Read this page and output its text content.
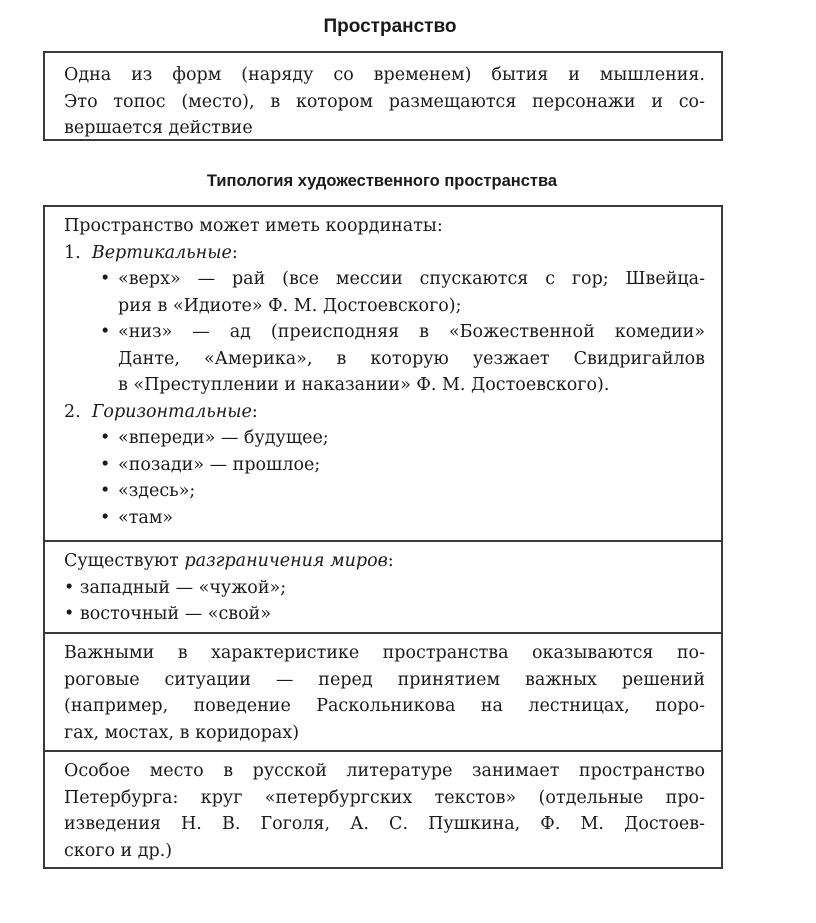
Пространство
Одна из форм (наряду со временем) бытия и мышления.
Это топос (место), в котором размещаются персонажи и со-
вершается действие
Типология художественного пространства
Пространство может иметь координаты:
1. Вертикальные:
• «верх» — рай (все мессии спускаются с гор; Швейца-
рия в «Идиоте» Ф. М. Достоевского);
• «низ» — ад (преисподняя в «Божественной комедии»
Данте, «Америка», в которую уезжает Свидригайлов
в «Преступлении и наказании» Ф. М. Достоевского).
2. Горизонтальные:
• «впереди» — будущее;
• «позади» — прошлое;
• «здесь»;
• «там»
Существуют разграничения миров:
• западный — «чужой»;
• восточный — «свой»
Важными в характеристике пространства оказываются по-
роговые ситуации — перед принятием важных решений
(например, поведение Раскольникова на лестницах, поро-
гах, мостах, в коридорах)
Особое место в русской литературе занимает пространство
Петербурга: круг «петербургских текстов» (отдельные про-
изведения Н. В. Гоголя, А. С. Пушкина, Ф. М. Достоев-
ского и др.)
